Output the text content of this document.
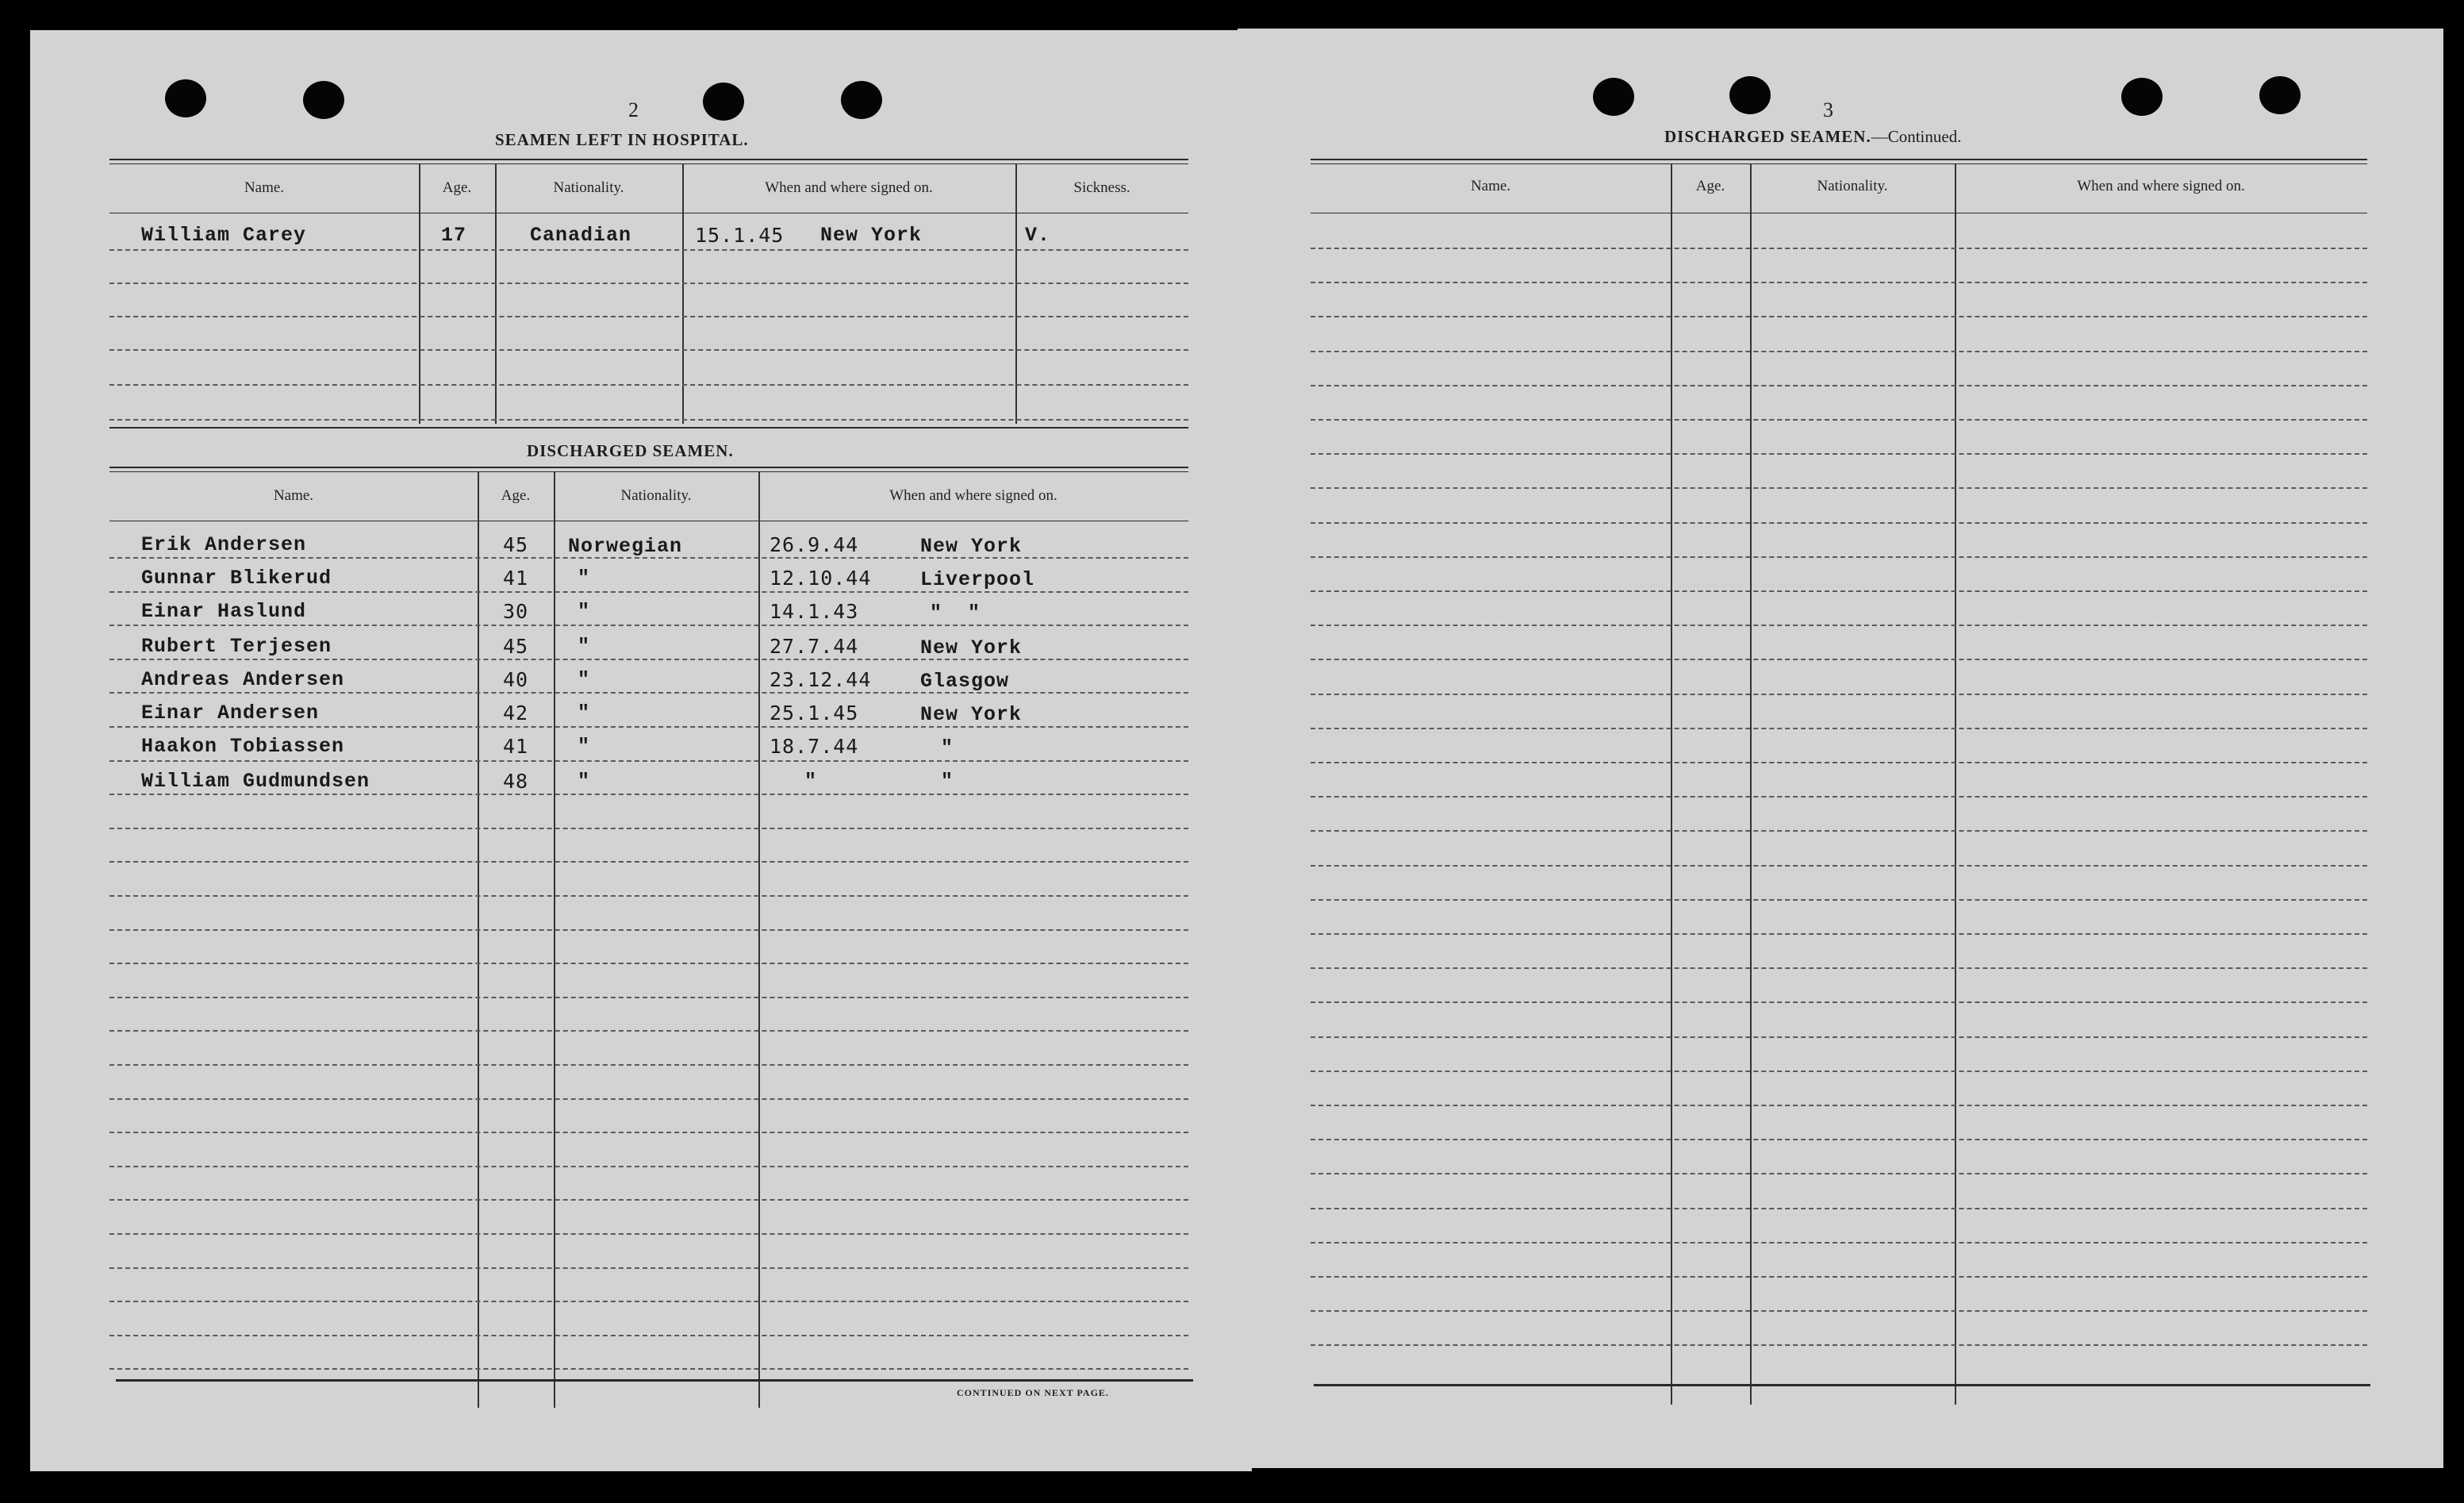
2
SEAMEN LEFT IN HOSPITAL.
Name.	Age.	Nationality.	When and where signed on.	Sickness.
William Carey	17	Canadian	15.1.45 New York	V.
DISCHARGED SEAMEN.
Name.	Age.	Nationality.	When and where signed on.
Erik Andersen	45 Norwegian	26.9.44	New York
Gunnar Blikerud	41 "	12.10.44 Liverpool
Einar Haslund	30 "	14.1.43	"  "
Rubert Terjesen	45 "	27.7.44	New York
Andreas Andersen	40 "	23.12.44 Glasgow
Einar Andersen	42 "	25.1.45	New York
Haakon Tobiassen	41 "	18.7.44	"
William Gudmundsen	48 "	"	"
CONTINUED ON NEXT PAGE.
3
DISCHARGED SEAMEN.—Continued.
Name.	Age.	Nationality.	When and where signed on.
